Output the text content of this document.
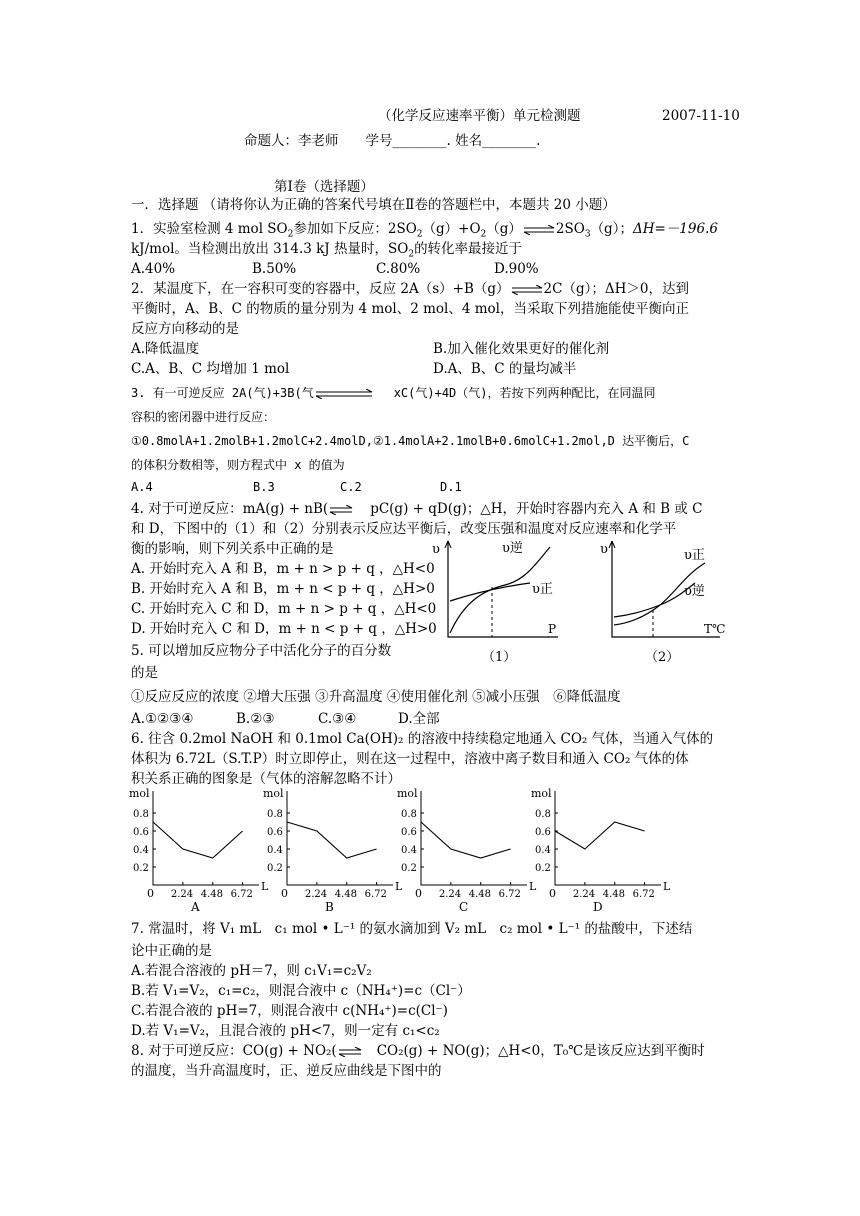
（化学反应速率平衡）单元检测题	2007-11-10
命题人：李老师　　学号________. 姓名________.
第Ⅰ卷（选择题）
一．选择题 （请将你认为正确的答案代号填在Ⅱ卷的答题栏中，本题共 20 小题）
1．实验室检测 4 mol $SO_2$参加如下反应：$2SO_2(g)+O_2(g)\rightleftharpoons 2SO_3(g)$；ΔH=－196.6
kJ/mol。当检测出放出 314.3 kJ 热量时，$SO_2$的转化率最接近于
A.40%	B.50%	C.80%	D.90%
2．某温度下，在一容积可变的容器中，反应 2A（s）+B（g）⇌2C（g）；ΔH＞0，达到
平衡时，A、B、C 的物质的量分别为 4 mol、2 mol、4 mol，当采取下列措施能使平衡向正
反应方向移动的是
A.降低温度	B.加入催化效果更好的催化剂
C.A、B、C 均增加 1 mol	D.A、B、C 的量均减半
3. 有一可逆反应 2A(气)+3B(气	xC(气)+4D（气)，若按下列两种配比，在同温同
容积的密闭器中进行反应：
①0.8molA+1.2molB+1.2molC+2.4molD,②1.4molA+2.1molB+0.6molC+1.2mol,D 达平衡后，C
的体积分数相等，则方程式中 x 的值为
A.4	B.3	C.2	D.1
4. 对于可逆反应：mA(g) + nB(⇌ pC(g) + qD(g)；△H，开始时容器内充入 A 和 B 或 C
和 D，下图中的（1）和（2）分别表示反应达平衡后，改变压强和温度对反应速率和化学平
衡的影响，则下列关系中正确的是
A. 开始时充入 A 和 B，m + n > p + q ，△H<0
B. 开始时充入 A 和 B，m + n < p + q ，△H>0
C. 开始时充入 C 和 D，m + n > p + q ，△H<0
D. 开始时充入 C 和 D，m + n < p + q ，△H>0
υ
P
υ逆
υ正
（1）
υ
T℃
υ正
υ逆
（2）
5. 可以增加反应物分子中活化分子的百分数
的是
①反应反应的浓度 ②增大压强 ③升高温度 ④使用催化剂 ⑤减小压强　⑥降低温度
A.①②③④	B.②③	C.③④	D.全部
6. 往含 0.2mol NaOH 和 0.1mol Ca(OH)₂ 的溶液中持续稳定地通入 CO₂ 气体，当通入气体的
体积为 6.72L（S.T.P）时立即停止，则在这一过程中，溶液中离子数目和通入 CO₂ 气体的体
积关系正确的图象是（气体的溶解忽略不计）
mol
L
0
0.2
0.4
0.6
0.8
2.24 4.48 6.72
A
mol
L
0
0.2
0.4
0.6
0.8
2.24 4.48 6.72
B
mol
L
0
0.2
0.4
0.6
0.8
2.24 4.48 6.72
C
mol
L
0
0.2
0.4
0.6
0.8
2.24 4.48 6.72
D
7. 常温时，将 V₁ mL　c₁ mol • L⁻¹ 的氨水滴加到 V₂ mL　c₂ mol • L⁻¹ 的盐酸中，下述结
论中正确的是
A.若混合溶液的 pH＝7，则 c₁V₁=c₂V₂
B.若 V₁=V₂，c₁=c₂，则混合液中 c（NH₄⁺)=c（Cl⁻）
C.若混合液的 pH=7，则混合液中 c(NH₄⁺)=c(Cl⁻)
D.若 V₁=V₂，且混合液的 pH<7，则一定有 c₁<c₂
8. 对于可逆反应：CO(g) + NO₂(⇌ CO₂(g) + NO(g)；△H<0，T₀℃是该反应达到平衡时
的温度，当升高温度时，正、逆反应曲线是下图中的
